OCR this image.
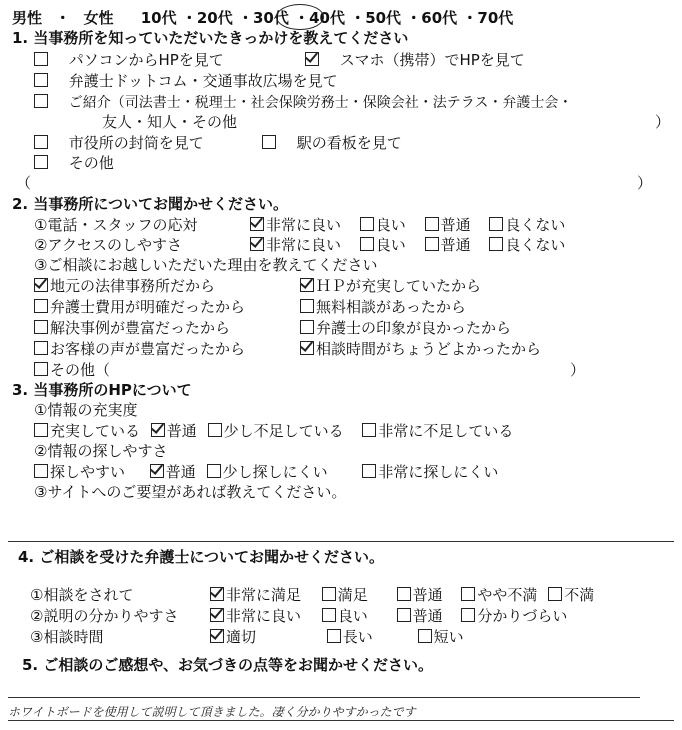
男性 ・ 女性 10代 ・20代 ・30代 ・40代 ・50代 ・60代 ・70代
1. 当事務所を知っていただいたきっかけを教えてください
パソコンからHPを見て	スマホ（携帯）でHPを見て
弁護士ドットコム・交通事故広場を見て
ご紹介（司法書士・税理士・社会保険労務士・保険会社・法テラス・弁護士会・
友人・知人・その他	）
市役所の封筒を見て	駅の看板を見て
その他
（	）
2. 当事務所についてお聞かせください。
①電話・スタッフの応対	非常に良い 良い 普通 良くない
②アクセスのしやすさ	非常に良い 良い 普通 良くない
③ご相談にお越しいただいた理由を教えてください
地元の法律事務所だから	ＨＰが充実していたから
弁護士費用が明確だったから	無料相談があったから
解決事例が豊富だったから	弁護士の印象が良かったから
お客様の声が豊富だったから	相談時間がちょうどよかったから
その他（	）
3. 当事務所のHPについて
①情報の充実度
充実している 普通 少し不足している 非常に不足している
②情報の探しやすさ
探しやすい	普通 少し探しにくい	非常に探しにくい
③サイトへのご要望があれば教えてください。
4. ご相談を受けた弁護士についてお聞かせください。
①相談をされて	非常に満足 満足	普通 やや不満 不満
②説明の分かりやすさ	非常に良い 良い	普通 分かりづらい
③相談時間	適切	長い	短い
5. ご相談のご感想や、お気づきの点等をお聞かせください。
ホワイトボードを使用して説明して頂きました。凄く分かりやすかったです
